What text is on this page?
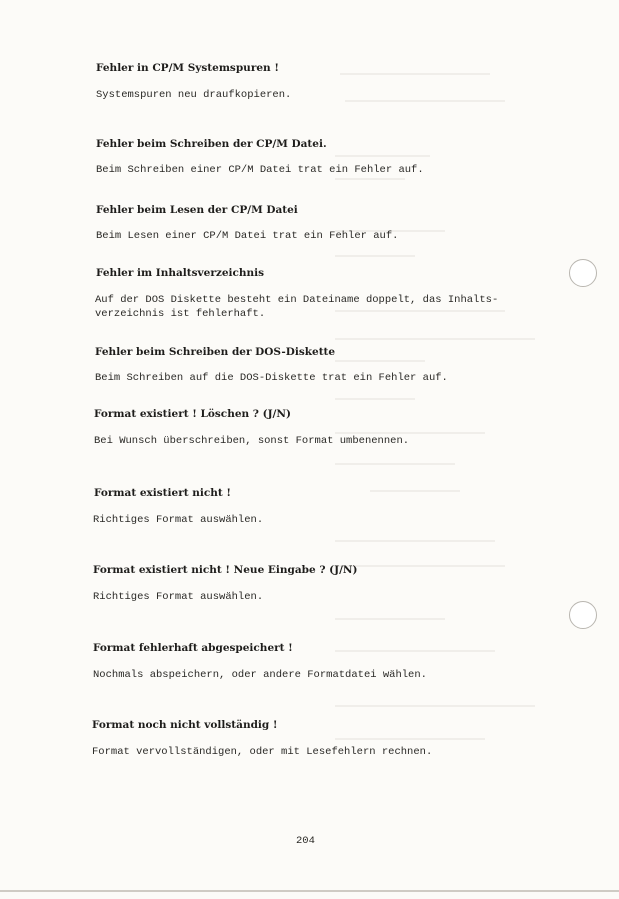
Fehler in CP/M Systemspuren !

Systemspuren neu draufkopieren.

Fehler beim Schreiben der CP/M Datei.

Beim Schreiben einer CP/M Datei trat ein Fehler auf.

Fehler beim Lesen der CP/M Datei

Beim Lesen einer CP/M Datei trat ein Fehler auf.

Fehler im Inhaltsverzeichnis

Auf der DOS Diskette besteht ein Dateiname doppelt, das Inhalts-
verzeichnis ist fehlerhaft.

Fehler beim Schreiben der DOS-Diskette

Beim Schreiben auf die DOS-Diskette trat ein Fehler auf.

Format existiert ! Löschen ? (J/N)

Bei Wunsch überschreiben, sonst Format umbenennen.

Format existiert nicht !

Richtiges Format auswählen.

Format existiert nicht ! Neue Eingabe ? (J/N)

Richtiges Format auswählen.

Format fehlerhaft abgespeichert !

Nochmals abspeichern, oder andere Formatdatei wählen.

Format noch nicht vollständig !

Format vervollständigen, oder mit Lesefehlern rechnen.

204
